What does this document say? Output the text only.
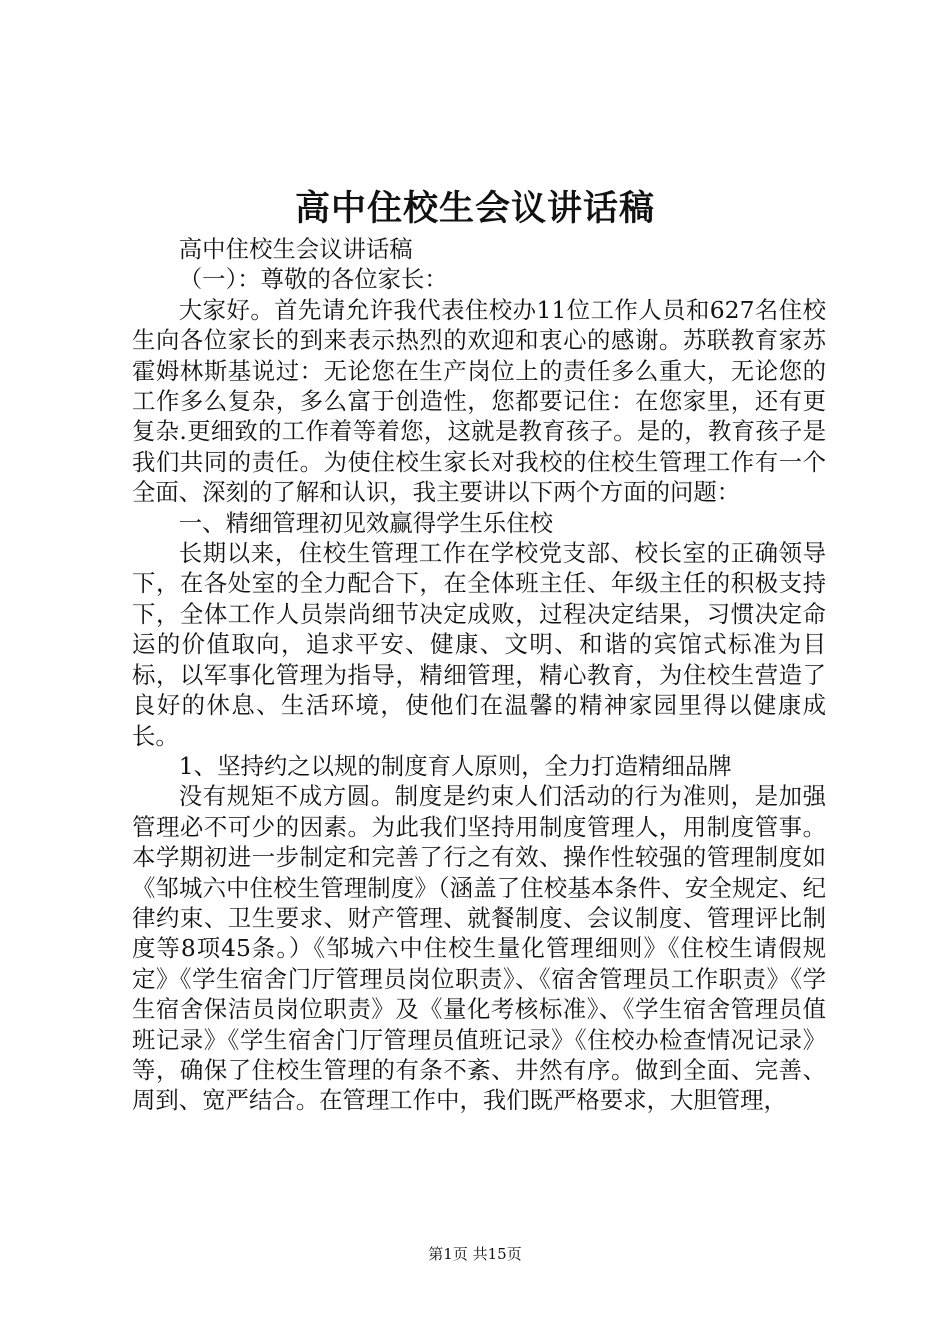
高中住校生会议讲话稿

高中住校生会议讲话稿

（一）：尊敬的各位家长：

大家好。首先请允许我代表住校办11位工作人员和627名住校生向各位家长的到来表示热烈的欢迎和衷心的感谢。苏联教育家苏霍姆林斯基说过：无论您在生产岗位上的责任多么重大，无论您的工作多么复杂，多么富于创造性，您都要记住：在您家里，还有更复杂.更细致的工作着等着您，这就是教育孩子。是的，教育孩子是我们共同的责任。为使住校生家长对我校的住校生管理工作有一个全面、深刻的了解和认识，我主要讲以下两个方面的问题：

一、精细管理初见效赢得学生乐住校

长期以来，住校生管理工作在学校党支部、校长室的正确领导下，在各处室的全力配合下，在全体班主任、年级主任的积极支持下，全体工作人员崇尚细节决定成败，过程决定结果，习惯决定命运的价值取向，追求平安、健康、文明、和谐的宾馆式标准为目标，以军事化管理为指导，精细管理，精心教育，为住校生营造了良好的休息、生活环境，使他们在温馨的精神家园里得以健康成长。

1、坚持约之以规的制度育人原则，全力打造精细品牌

没有规矩不成方圆。制度是约束人们活动的行为准则，是加强管理必不可少的因素。为此我们坚持用制度管理人，用制度管事。本学期初进一步制定和完善了行之有效、操作性较强的管理制度如《邹城六中住校生管理制度》（涵盖了住校基本条件、安全规定、纪律约束、卫生要求、财产管理、就餐制度、会议制度、管理评比制度等8项45条。）《邹城六中住校生量化管理细则》《住校生请假规定》《学生宿舍门厅管理员岗位职责》、《宿舍管理员工作职责》《学生宿舍保洁员岗位职责》及《量化考核标准》、《学生宿舍管理员值班记录》《学生宿舍门厅管理员值班记录》《住校办检查情况记录》等，确保了住校生管理的有条不紊、井然有序。做到全面、完善、周到、宽严结合。在管理工作中，我们既严格要求，大胆管理，

第1页 共15页
